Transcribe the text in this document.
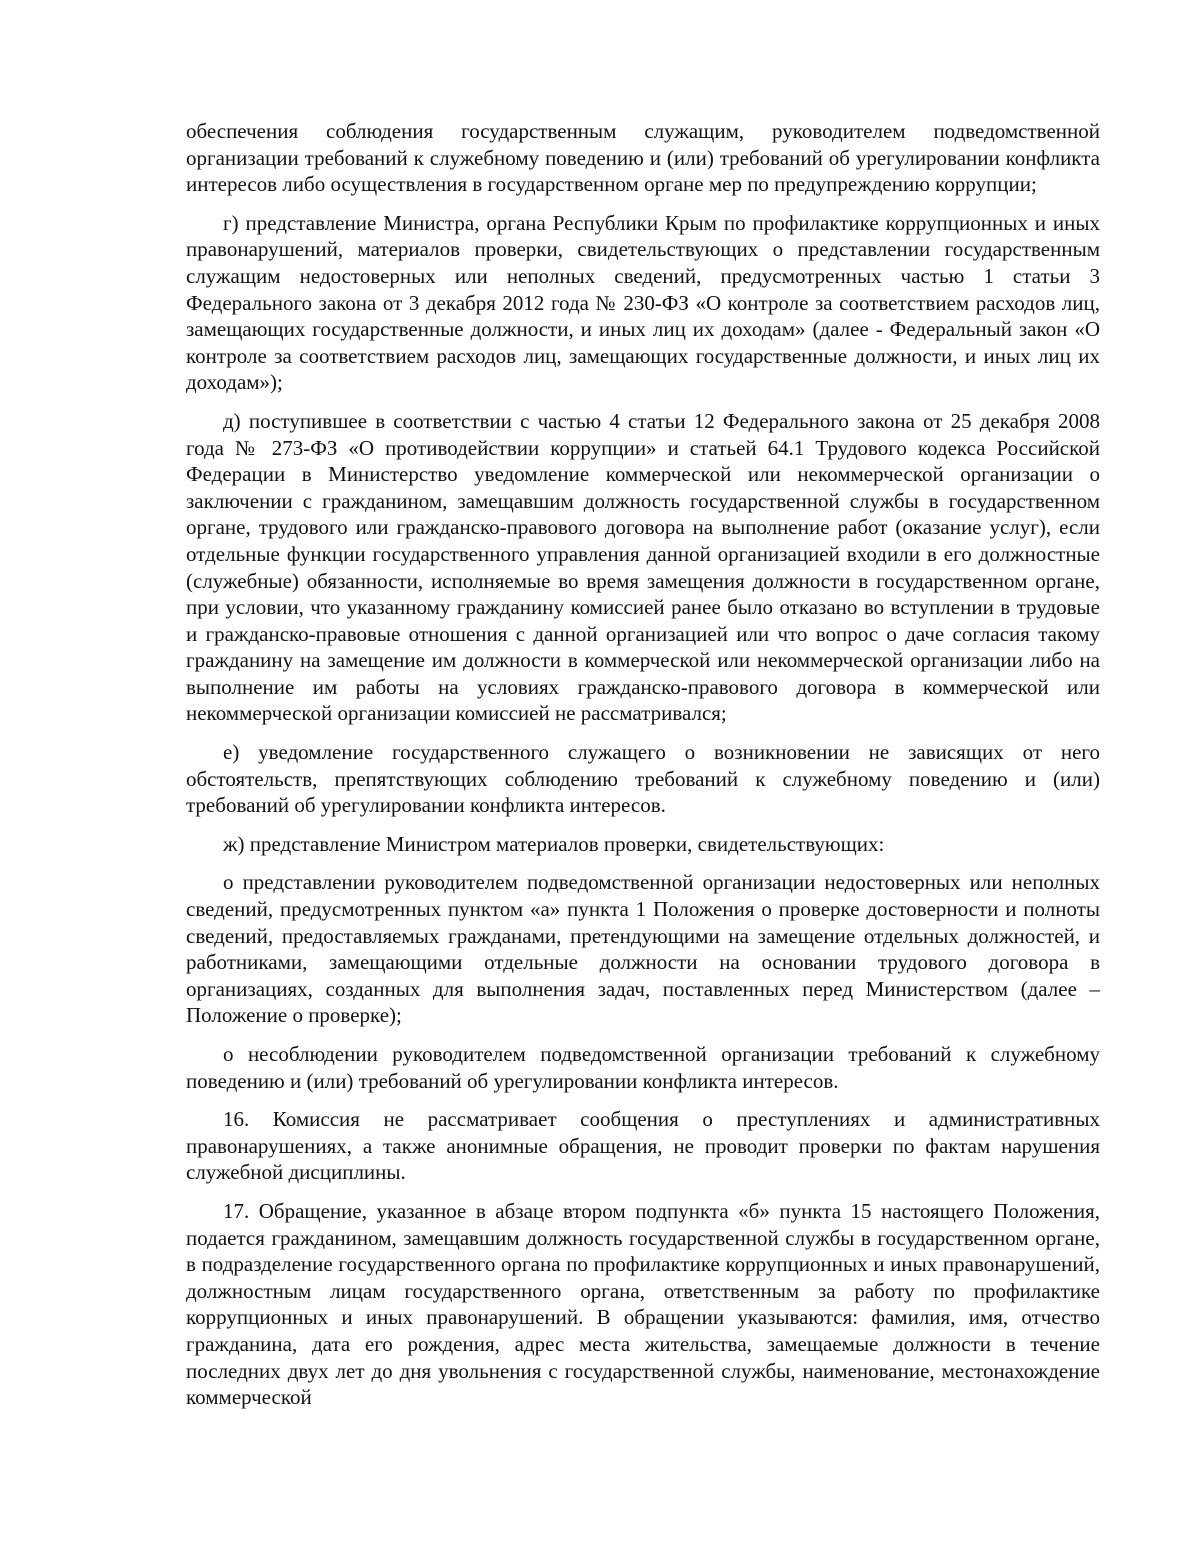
обеспечения соблюдения государственным служащим, руководителем подведомственной организации требований к служебному поведению и (или) требований об урегулировании конфликта интересов либо осуществления в государственном органе мер по предупреждению коррупции;

г) представление Министра, органа Республики Крым по профилактике коррупционных и иных правонарушений, материалов проверки, свидетельствующих о представлении государственным служащим недостоверных или неполных сведений, предусмотренных частью 1 статьи 3 Федерального закона от 3 декабря 2012 года № 230-ФЗ «О контроле за соответствием расходов лиц, замещающих государственные должности, и иных лиц их доходам» (далее - Федеральный закон «О контроле за соответствием расходов лиц, замещающих государственные должности, и иных лиц их доходам»);

д) поступившее в соответствии с частью 4 статьи 12 Федерального закона от 25 декабря 2008 года № 273-ФЗ «О противодействии коррупции» и статьей 64.1 Трудового кодекса Российской Федерации в Министерство уведомление коммерческой или некоммерческой организации о заключении с гражданином, замещавшим должность государственной службы в государственном органе, трудового или гражданско-правового договора на выполнение работ (оказание услуг), если отдельные функции государственного управления данной организацией входили в его должностные (служебные) обязанности, исполняемые во время замещения должности в государственном органе, при условии, что указанному гражданину комиссией ранее было отказано во вступлении в трудовые и гражданско-правовые отношения с данной организацией или что вопрос о даче согласия такому гражданину на замещение им должности в коммерческой или некоммерческой организации либо на выполнение им работы на условиях гражданско-правового договора в коммерческой или некоммерческой организации комиссией не рассматривался;

е) уведомление государственного служащего о возникновении не зависящих от него обстоятельств, препятствующих соблюдению требований к служебному поведению и (или) требований об урегулировании конфликта интересов.

ж) представление Министром материалов проверки, свидетельствующих:

о представлении руководителем подведомственной организации недостоверных или неполных сведений, предусмотренных пунктом «а» пункта 1 Положения о проверке достоверности и полноты сведений, предоставляемых гражданами, претендующими на замещение отдельных должностей, и работниками, замещающими отдельные должности на основании трудового договора в организациях, созданных для выполнения задач, поставленных перед Министерством (далее – Положение о проверке);

о несоблюдении руководителем подведомственной организации требований к служебному поведению и (или) требований об урегулировании конфликта интересов.

16. Комиссия не рассматривает сообщения о преступлениях и административных правонарушениях, а также анонимные обращения, не проводит проверки по фактам нарушения служебной дисциплины.

17. Обращение, указанное в абзаце втором подпункта «б» пункта 15 настоящего Положения, подается гражданином, замещавшим должность государственной службы в государственном органе, в подразделение государственного органа по профилактике коррупционных и иных правонарушений, должностным лицам государственного органа, ответственным за работу по профилактике коррупционных и иных правонарушений. В обращении указываются: фамилия, имя, отчество гражданина, дата его рождения, адрес места жительства, замещаемые должности в течение последних двух лет до дня увольнения с государственной службы, наименование, местонахождение коммерческой
